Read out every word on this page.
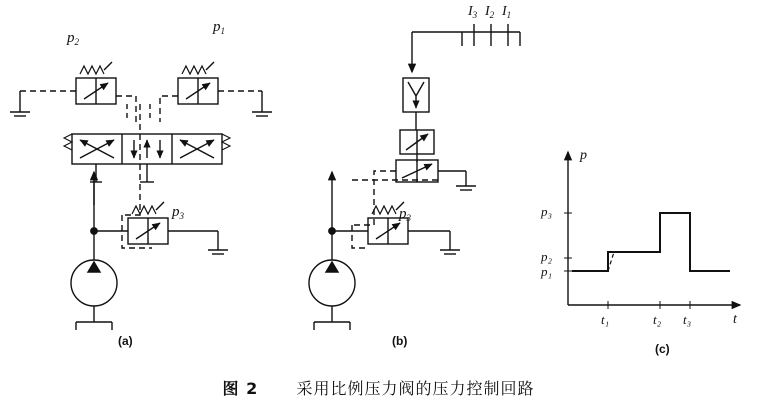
$p_2$
$p_1$
$p_3$	$p_3$
$I_3$ $I_2$ $I_1$
p
t
p₃
p₂
p₁
t₁	t₂ t₃
(a)	(b)
(c)
图 2 采用比例压力阀的压力控制回路
